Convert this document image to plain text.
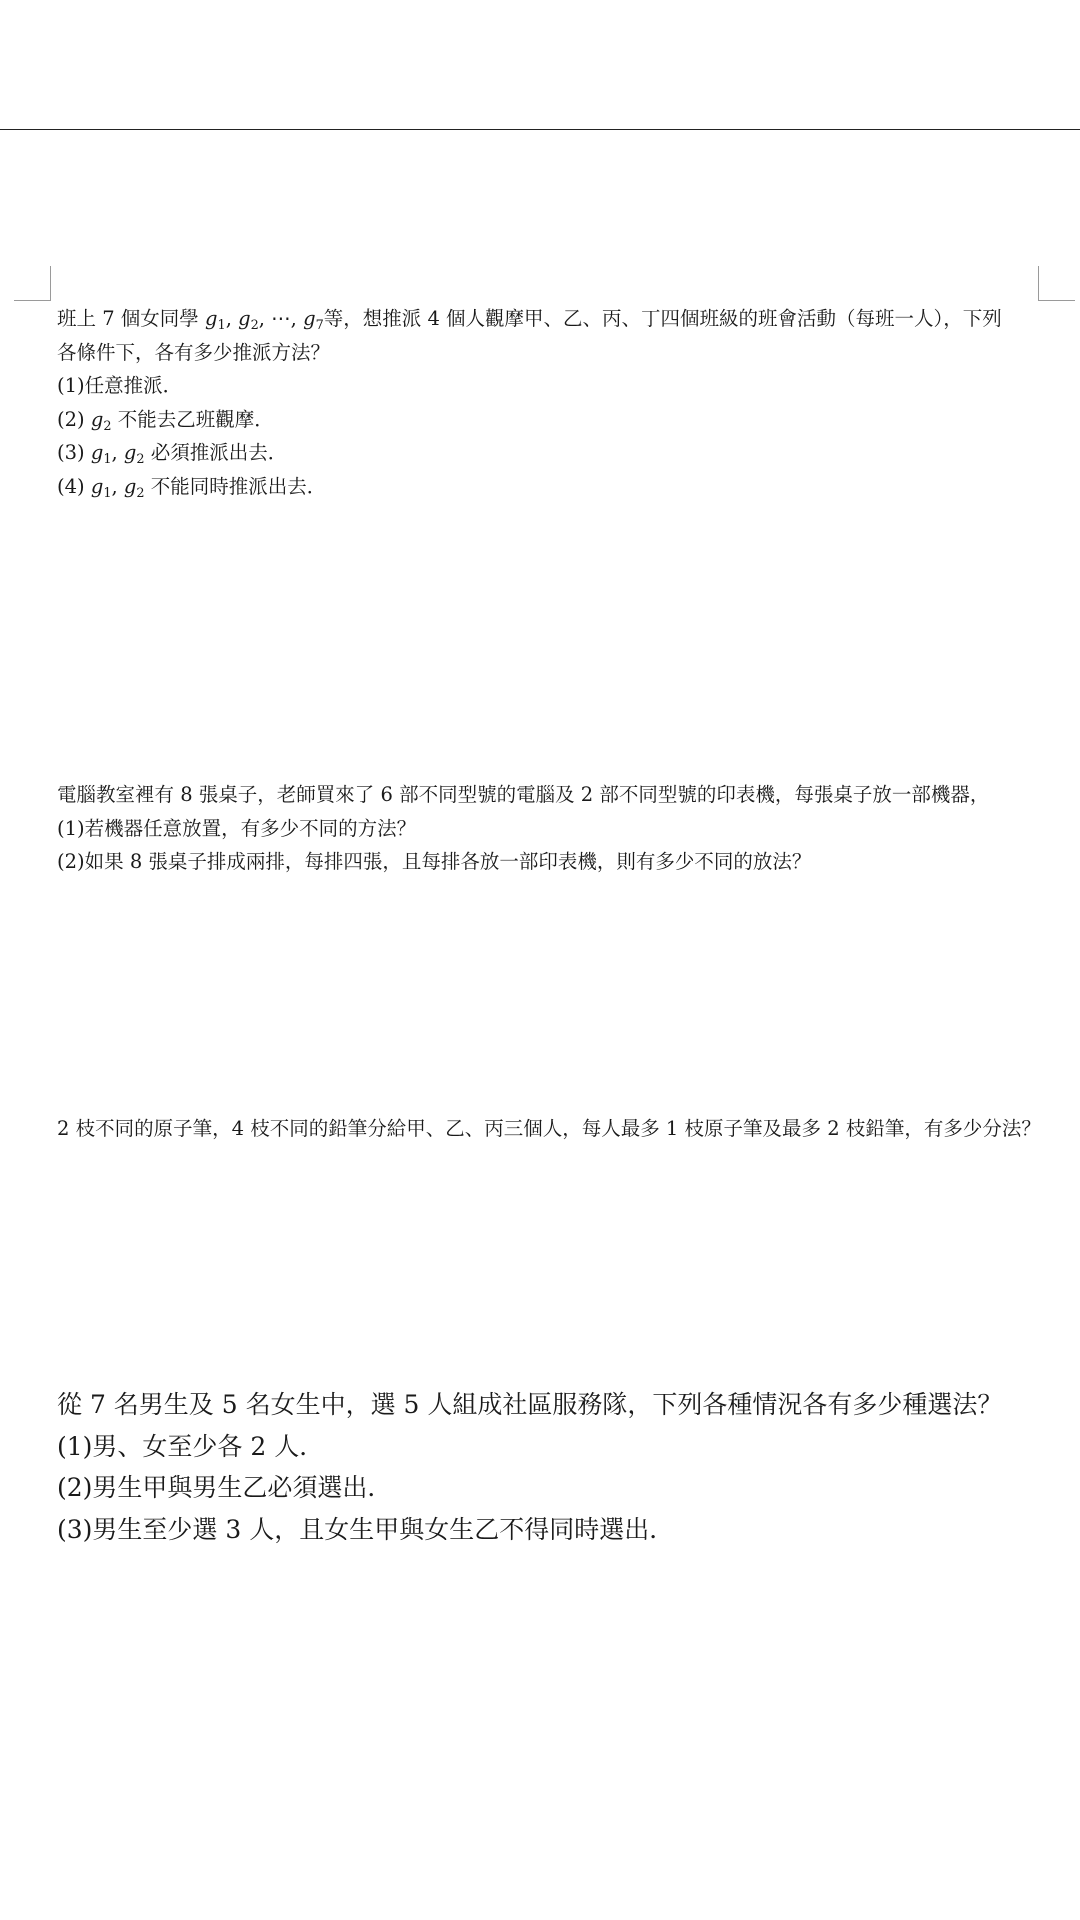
班上 7 個女同學 $g_1$, $g_2$, ⋯, $g_7$等，想推派 4 個人觀摩甲、乙、丙、丁四個班級的班會活動（每班一人），下列
各條件下，各有多少推派方法？
(1)任意推派．
(2) $g_2$ 不能去乙班觀摩．
(3) $g_1$, $g_2$ 必須推派出去．
(4) $g_1$, $g_2$ 不能同時推派出去．
電腦教室裡有 8 張桌子，老師買來了 6 部不同型號的電腦及 2 部不同型號的印表機，每張桌子放一部機器，
(1)若機器任意放置，有多少不同的方法？
(2)如果 8 張桌子排成兩排，每排四張，且每排各放一部印表機，則有多少不同的放法？
2 枝不同的原子筆，4 枝不同的鉛筆分給甲、乙、丙三個人，每人最多 1 枝原子筆及最多 2 枝鉛筆，有多少分法？
從 7 名男生及 5 名女生中，選 5 人組成社區服務隊，下列各種情況各有多少種選法？
(1)男、女至少各 2 人．
(2)男生甲與男生乙必須選出．
(3)男生至少選 3 人，且女生甲與女生乙不得同時選出．
